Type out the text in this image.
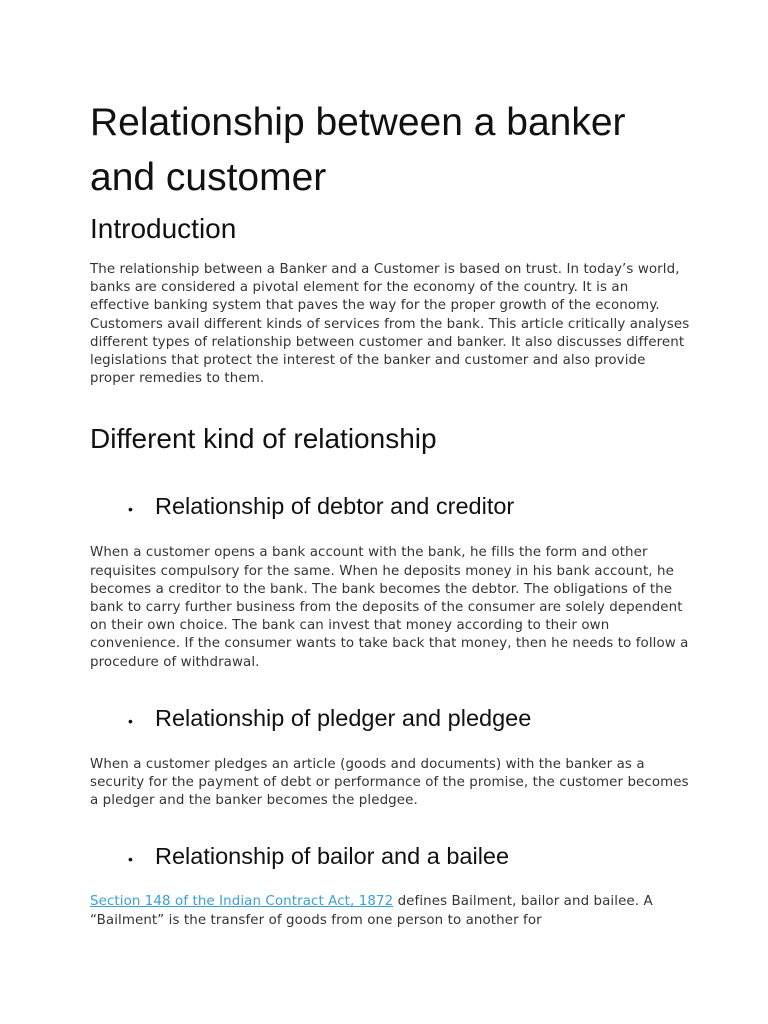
Relationship between a banker and customer
Introduction

The relationship between a Banker and a Customer is based on trust. In today’s world, banks are considered a pivotal element for the economy of the country. It is an effective banking system that paves the way for the proper growth of the economy. Customers avail different kinds of services from the bank. This article critically analyses different types of relationship between customer and banker. It also discusses different legislations that protect the interest of the banker and customer and also provide proper remedies to them.

Different kind of relationship
• Relationship of debtor and creditor

When a customer opens a bank account with the bank, he fills the form and other requisites compulsory for the same. When he deposits money in his bank account, he becomes a creditor to the bank. The bank becomes the debtor. The obligations of the bank to carry further business from the deposits of the consumer are solely dependent on their own choice. The bank can invest that money according to their own convenience. If the consumer wants to take back that money, then he needs to follow a procedure of withdrawal.

• Relationship of pledger and pledgee

When a customer pledges an article (goods and documents) with the banker as a security for the payment of debt or performance of the promise, the customer becomes a pledger and the banker becomes the pledgee.

• Relationship of bailor and a bailee

Section 148 of the Indian Contract Act, 1872 defines Bailment, bailor and bailee. A “Bailment” is the transfer of goods from one person to another for
